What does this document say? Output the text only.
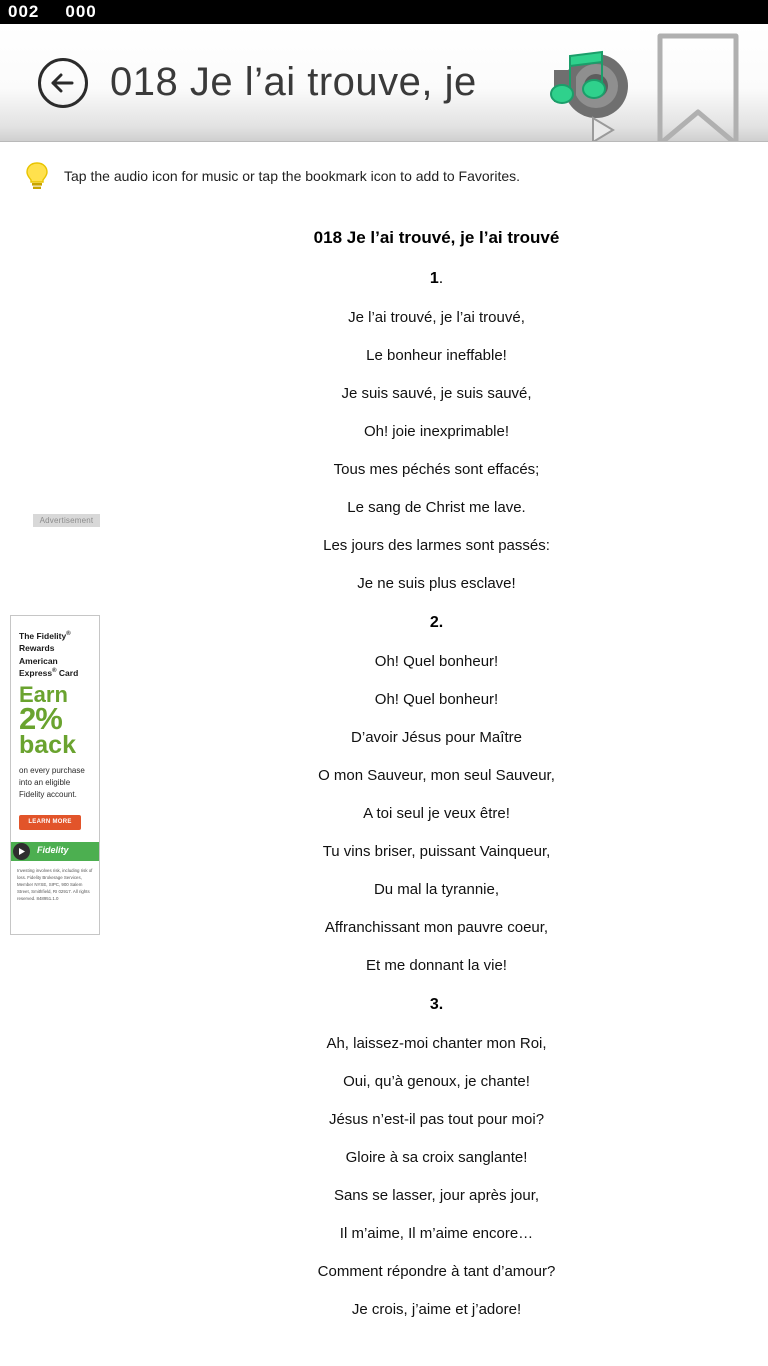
002 000
018 Je l’ai trouve, je
Tap the audio icon for music or tap the bookmark icon to add to Favorites.
018 Je l’ai trouvé, je l’ai trouvé
1.
Je l’ai trouvé, je l’ai trouvé,
Le bonheur ineffable!
Je suis sauvé, je suis sauvé,
Oh! joie inexprimable!
Tous mes péchés sont effacés;
Le sang de Christ me lave.
Les jours des larmes sont passés:
Je ne suis plus esclave!
2.
Oh! Quel bonheur!
Oh! Quel bonheur!
D’avoir Jésus pour Maître
O mon Sauveur, mon seul Sauveur,
A toi seul je veux être!
Tu vins briser, puissant Vainqueur,
Du mal la tyrannie,
Affranchissant mon pauvre coeur,
Et me donnant la vie!
3.
Ah, laissez-moi chanter mon Roi,
Oui, qu’à genoux, je chante!
Jésus n’est-il pas tout pour moi?
Gloire à sa croix sanglante!
Sans se lasser, jour après jour,
Il m’aime, Il m’aime encore…
Comment répondre à tant d’amour?
Je crois, j’aime et j’adore!
Advertisement
The Fidelity®
Rewards
American
Express® Card
Earn
2%
back
on every purchase into an eligible Fidelity account.
LEARN MORE
Fidelity
Investing involves risk, including risk of loss. Fidelity Brokerage Services, Member NYSE, SIPC, 900 Salem Street, Smithfield, RI 02917. All rights reserved. 848951.1.0
